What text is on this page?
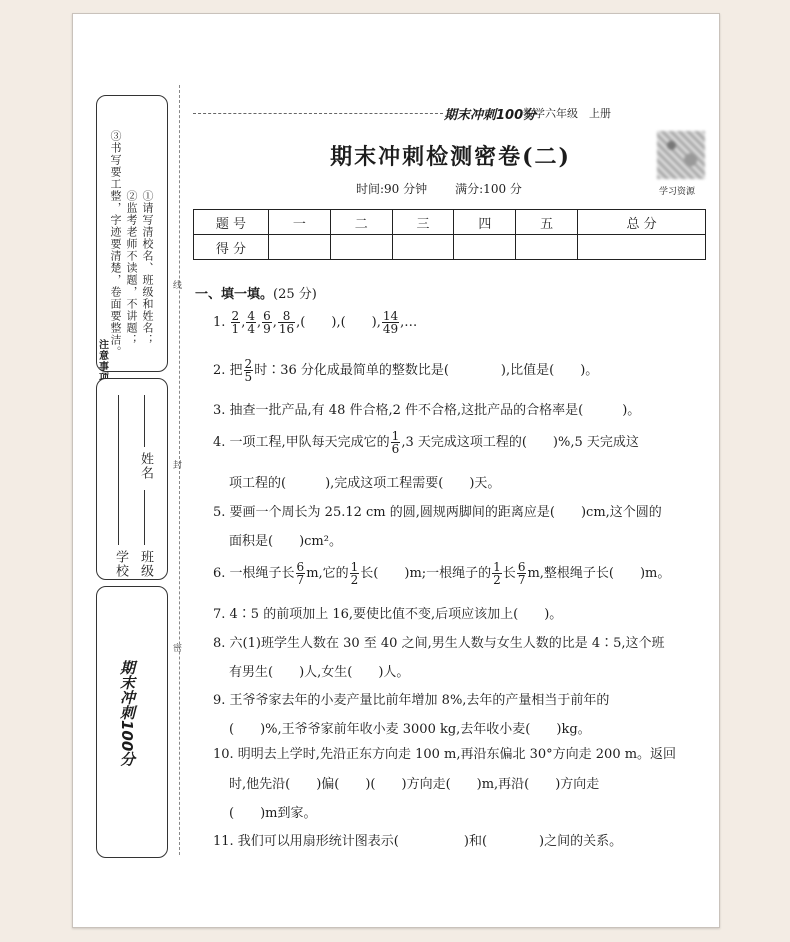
注意事
①请写清校名、班级和姓名；
②监考老师不读题，不讲题；
③书写要工整，字迹要清楚，卷面要整洁。
学校 班级
姓名
期末冲刺100分
线
封
密
期末冲刺100分
数学六年级　上册
学习资源
期末冲刺检测密卷(二)
时间:90 分钟 满分:100 分
题 号	一	二	三	四	五	总 分
得 分						
一、填一填。(25 分)
1. $\frac{2}{1}$ , $\frac{4}{4}$ , $\frac{6}{9}$ , $\frac{8}{16}$ ,(　　),(　　), $\frac{14}{49}$ ,…
2. 把 $\frac{2}{5}$ 时∶36 分化成最简单的整数比是(　　　　),比值是(　　)。
3. 抽查一批产品,有 48 件合格,2 件不合格,这批产品的合格率是(　　　)。
4. 一项工程,甲队每天完成它的 $\frac{1}{6} ,3$ 天完成这项工程的(　　)%,5 天完成这
项工程的(　　　),完成这项工程需要(　　)天。
5. 要画一个周长为 25.12 cm 的圆,圆规两脚间的距离应是(　　)cm,这个圆的
面积是(　　)cm²。
6. 一根绳子长 $\frac{6}{7} m$,它的 $\frac{1}{2}$ 长(　　)m;一根绳子的 $\frac{1}{2}$ 长 $\frac{6}{7} m$,整根绳子长(　　)m。
7. 4∶5 的前项加上 16,要使比值不变,后项应该加上(　　)。
8. 六(1)班学生人数在 30 至 40 之间,男生人数与女生人数的比是 4∶5,这个班
有男生(　　)人,女生(　　)人。
9. 王爷爷家去年的小麦产量比前年增加 8%,去年的产量相当于前年的
(　　)%,王爷爷家前年收小麦 3000 kg,去年收小麦(　　)kg。
10. 明明去上学时,先沿正东方向走 100 m,再沿东偏北 30°方向走 200 m。返回
时,他先沿(　　)偏(　　)(　　)方向走(　　)m,再沿(　　)方向走
(　　)m到家。
11. 我们可以用扇形统计图表示(　　　　　)和(　　　　)之间的关系。
